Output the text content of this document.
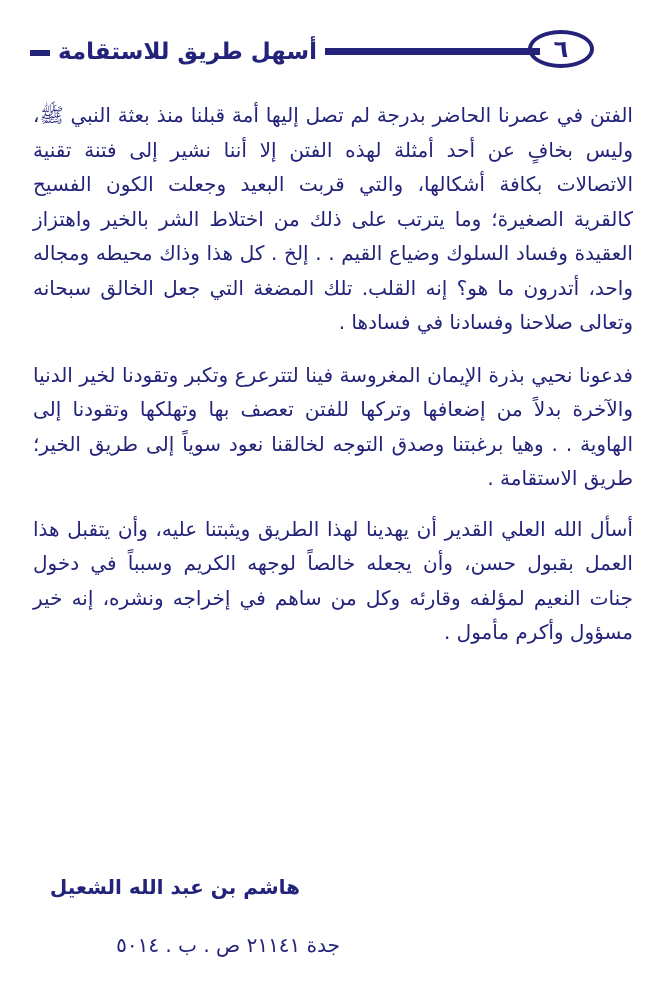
أسهل طريق للاستقامة	٦

الفتن في عصرنا الحاضر بدرجة لم تصل إليها أمة قبلنا منذ بعثة النبي ﷺ، وليس بخافٍ عن أحد أمثلة لهذه الفتن إلا أننا نشير إلى فتنة تقنية الاتصالات بكافة أشكالها، والتي قربت البعيد وجعلت الكون الفسيح كالقرية الصغيرة؛ وما يترتب على ذلك من اختلاط الشر بالخير واهتزاز العقيدة وفساد السلوك وضياع القيم . . إلخ . كل هذا وذاك محيطه ومجاله واحد، أتدرون ما هو؟ إنه القلب. تلك المضغة التي جعل الخالق سبحانه وتعالى صلاحنا وفسادنا في فسادها .

فدعونا نحيي بذرة الإيمان المغروسة فينا لتترعرع وتكبر وتقودنا لخير الدنيا والآخرة بدلاً من إضعافها وتركها للفتن تعصف بها وتهلكها وتقودنا إلى الهاوية . . وهيا برغبتنا وصدق التوجه لخالقنا نعود سوياً إلى طريق الخير؛ طريق الاستقامة .

أسأل الله العلي القدير أن يهدينا لهذا الطريق ويثبتنا عليه، وأن يتقبل هذا العمل بقبول حسن، وأن يجعله خالصاً لوجهه الكريم وسبباً في دخول جنات النعيم لمؤلفه وقارئه وكل من ساهم في إخراجه ونشره، إنه خير مسؤول وأكرم مأمول .

هاشم بن عبد الله الشعيل
جدة ٢١١٤١ ص . ب . ٥٠١٤
